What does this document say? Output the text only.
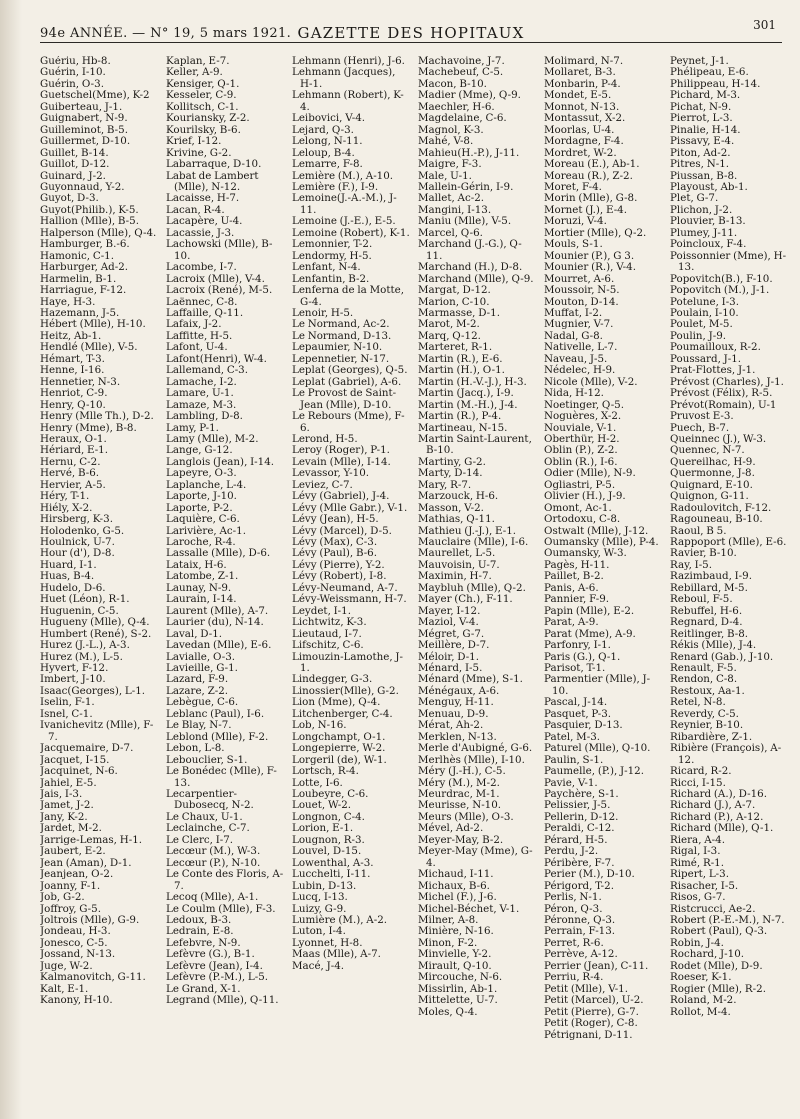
94e ANNÉE. — N° 19, 5 mars 1921. GAZETTE DES HOPITAUX	301
Guériu, Hb-8.
Guérin, I-10.
Guérin, O-3.
Guetschel(Mme), K-2
Guiberteau, J-1.
Guignabert, N-9.
Guilleminot, B-5.
Guillermet, D-10.
Guillet, B-14.
Guillot, D-12.
Guinard, J-2.
Guyonnaud, Y-2.
Guyot, D-3.
Guyot(Philib.), K-5.
Hallion (Mlle), B-5.
Halperson (Mlle), Q-4.
Hamburger, B.-6.
Hamonic, C-1.
Harburger, Ad-2.
Harmelin, B-1.
Harriague, F-12.
Haye, H-3.
Hazemann, J-5.
Hébert (Mlle), H-10.
Heitz, Ab-1.
Hendlé (Mlle), V-5.
Hémart, T-3.
Henne, I-16.
Hennetier, N-3.
Henriot, C-9.
Henry, Q-10.
Henry (Mlle Th.), D-2.
Henry (Mme), B-8.
Heraux, O-1.
Hériard, E-1.
Hernu, C-2.
Hervé, B-6.
Hervier, A-5.
Héry, T-1.
Hiély, X-2.
Hirsberg, K-3.
Holodenko, G-5.
Houlnick, U-7.
Hour (d'), D-8.
Huard, I-1.
Huas, B-4.
Hudelo, D-6.
Huet (Léon), R-1.
Huguenin, C-5.
Hugueny (Mlle), Q-4.
Humbert (René), S-2.
Hurez (J.-L.), A-3.
Hurez (M.), L-5.
Hyvert, F-12.
Imbert, J-10.
Isaac(Georges), L-1.
Iselin, F-1.
Isnel, C-1.
Ivanichevitz (Mlle), F-7.
Jacquemaire, D-7.
Jacquet, I-15.
Jacquinet, N-6.
Jahiel, E-5.
Jais, I-3.
Jamet, J-2.
Jany, K-2.
Jardet, M-2.
Jarrige-Lemas, H-1.
Jaubert, E-2.
Jean (Aman), D-1.
Jeanjean, O-2.
Joanny, F-1.
Job, G-2.
Joffroy, G-5.
Joltrois (Mlle), G-9.
Jondeau, H-3.
Jonesco, C-5.
Jossand, N-13.
Juge, W-2.
Kalmanovitch, G-11.
Kalt, E-1.
Kanony, H-10.
Kaplan, E-7.
Keller, A-9.
Kensiger, Q-1.
Kesseler, C-9.
Kollitsch, C-1.
Kouriansky, Z-2.
Kourilsky, B-6.
Krief, I-12.
Krivine, G-2.
Labarraque, D-10.
Labat de Lambert (Mlle), N-12.
Lacaisse, H-7.
Lacan, R-4.
Lacapère, U-4.
Lacassie, J-3.
Lachowski (Mlle), B-10.
Lacombe, I-7.
Lacroix (Mlle), V-4.
Lacroix (René), M-5.
Laënnec, C-8.
Laffaille, Q-11.
Lafaix, J-2.
Laffitte, H-5.
Lafont, U-4.
Lafont(Henri), W-4.
Lallemand, C-3.
Lamache, I-2.
Lamare, U-1.
Lamaze, M-3.
Lambling, D-8.
Lamy, P-1.
Lamy (Mlle), M-2.
Lange, G-12.
Langlois (Jean), I-14.
Lapeyre, O-3.
Laplanche, L-4.
Laporte, J-10.
Laporte, P-2.
Laquière, C-6.
Larivière, Ac-1.
Laroche, R-4.
Lassalle (Mlle), D-6.
Lataix, H-6.
Latombe, Z-1.
Launay, N-9.
Laurain, I-14.
Laurent (Mlle), A-7.
Laurier (du), N-14.
Laval, D-1.
Lavedan (Mlle), E-6.
Lavialle, O-3.
Lavieille, G-1.
Lazard, F-9.
Lazare, Z-2.
Lebègue, C-6.
Leblanc (Paul), I-6.
Le Blay, N-7.
Leblond (Mlle), F-2.
Lebon, L-8.
Lebouclier, S-1.
Le Bonédec (Mlle), F-13.
Lecarpentier-Dubosecq, N-2.
Le Chaux, U-1.
Leclainche, C-7.
Le Clerc, I-7.
Lecœur (M.), W-3.
Lecœur (P.), N-10.
Le Conte des Floris, A-7.
Lecoq (Mlle), A-1.
Le Coulm (Mlle), F-3.
Ledoux, B-3.
Ledrain, E-8.
Lefebvre, N-9.
Lefèvre (G.), B-1.
Lefèvre (Jean), I-4.
Lefèvre (P.-M.), L-5.
Le Grand, X-1.
Legrand (Mlle), Q-11.
Lehmann (Henri), J-6.
Lehmann (Jacques), H-1.
Lehmann (Robert), K-4.
Leibovici, V-4.
Lejard, Q-3.
Lelong, N-11.
Leloup, B-4.
Lemarre, F-8.
Lemière (M.), A-10.
Lemière (F.), I-9.
Lemoine(J.-A.-M.), J-11.
Lemoine (J.-E.), E-5.
Lemoine (Robert), K-1.
Lemonnier, T-2.
Lendormy, H-5.
Lenfant, N-4.
Lenfantin, B-2.
Lenferna de la Motte, G-4.
Lenoir, H-5.
Le Normand, Ac-2.
Le Normand, D-13.
Lepaumier, N-10.
Lepennetier, N-17.
Leplat (Georges), Q-5.
Leplat (Gabriel), A-6.
Le Provost de Saint-Jean (Mlle), D-10.
Le Rebours (Mme), F-6.
Lerond, H-5.
Leroy (Roger), P-1.
Levain (Mlle), I-14.
Levassor, Y-10.
Leviez, C-7.
Lévy (Gabriel), J-4.
Lévy (Mlle Gabr.), V-1.
Lévy (Jean), H-5.
Lévy (Marcel), D-5.
Lévy (Max), C-3.
Lévy (Paul), B-6.
Lévy (Pierre), Y-2.
Lévy (Robert), I-8.
Lévy-Neumand, A-7.
Lévy-Weissmann, H-7.
Leydet, I-1.
Lichtwitz, K-3.
Lieutaud, I-7.
Lifschitz, C-6.
Limouzin-Lamothe, J-1.
Lindegger, G-3.
Linossier(Mlle), G-2.
Lion (Mme), Q-4.
Litchenberger, C-4.
Lob, N-16.
Longchampt, O-1.
Longepierre, W-2.
Lorgeril (de), W-1.
Lortsch, R-4.
Lotte, I-6.
Loubeyre, C-6.
Louet, W-2.
Longnon, C-4.
Lorion, E-1.
Lougnon, R-3.
Louvel, D-15.
Lowenthal, A-3.
Lucchelti, I-11.
Lubin, D-13.
Lucq, I-13.
Luizy, G-9.
Lumière (M.), A-2.
Luton, I-4.
Lyonnet, H-8.
Maas (Mlle), A-7.
Macé, J-4.
Machavoine, J-7.
Machebeuf, C-5.
Macon, B-10.
Madier (Mme), Q-9.
Maechler, H-6.
Magdelaine, C-6.
Magnol, K-3.
Mahé, V-8.
Mahieu(H.-P.), J-11.
Maigre, F-3.
Male, U-1.
Mallein-Gérin, I-9.
Mallet, Ac-2.
Mangini, I-13.
Maniu (Mlle), V-5.
Marcel, Q-6.
Marchand (J.-G.), Q-11.
Marchand (H.), D-8.
Marchand (Mlle), Q-9.
Margat, D-12.
Marion, C-10.
Marmasse, D-1.
Marot, M-2.
Marq, Q-12.
Marteret, R-1.
Martin (R.), E-6.
Martin (H.), O-1.
Martin (H.-V.-J.), H-3.
Martin (Jacq.), I-9.
Martin (M.-H.), J-4.
Martin (R.), P-4.
Martineau, N-15.
Martin Saint-Laurent, B-10.
Martiny, G-2.
Marty, D-14.
Mary, R-7.
Marzouck, H-6.
Masson, V-2.
Mathias, Q-11.
Mathieu (J.-J.), E-1.
Mauclaire (Mlle), I-6.
Maurellet, L-5.
Mauvoisin, U-7.
Maximin, H-7.
Maybluh (Mlle), Q-2.
Mayer (Ch.), F-11.
Mayer, I-12.
Maziol, V-4.
Mégret, G-7.
Meillère, D-7.
Méloir, D-1.
Ménard, I-5.
Ménard (Mme), S-1.
Ménégaux, A-6.
Menguy, H-11.
Menuau, D-9.
Mérat, Ah-2.
Merklen, N-13.
Merle d'Aubigné, G-6.
Merlhès (Mlle), I-10.
Méry (J.-H.), C-5.
Méry (M.), M-2.
Meurdrac, M-1.
Meurisse, N-10.
Meurs (Mlle), O-3.
Mével, Ad-2.
Meyer-May, B-2.
Meyer-May (Mme), G-4.
Michaud, I-11.
Michaux, B-6.
Michel (F.), J-6.
Michel-Béchet, V-1.
Milner, A-8.
Minière, N-16.
Minon, F-2.
Minvielle, Y-2.
Mirault, Q-10.
Mircouche, N-6.
Missirlin, Ab-1.
Mittelette, U-7.
Moles, Q-4.
Molimard, N-7.
Mollaret, B-3.
Monbarin, P-4.
Mondet, E-5.
Monnot, N-13.
Montassut, X-2.
Moorlas, U-4.
Mordagne, F-4.
Mordret, W-2.
Moreau (E.), Ab-1.
Moreau (R.), Z-2.
Moret, F-4.
Morin (Mlle), G-8.
Mornet (J.), E-4.
Moruzi, V-4.
Mortier (Mlle), Q-2.
Mouls, S-1.
Mounier (P.), G 3.
Mounier (R.), V-4.
Mourret, A-6.
Moussoir, N-5.
Mouton, D-14.
Muffat, I-2.
Mugnier, V-7.
Nadal, G-8.
Nativelle, L-7.
Naveau, J-5.
Nédelec, H-9.
Nicole (Mlle), V-2.
Nida, H-12.
Noetinger, Q-5.
Noguères, X-2.
Nouviale, V-1.
Oberthür, H-2.
Oblin (P.), Z-2.
Oblin (R.), I-6.
Odier (Mlle), N-9.
Ogliastri, P-5.
Olivier (H.), J-9.
Omont, Ac-1.
Ortodoxu, C-8.
Ostwalt (Mlle), J-12.
Oumansky (Mlle), P-4.
Oumansky, W-3.
Pagès, H-11.
Paillet, B-2.
Panis, A-6.
Pannier, F-9.
Papin (Mlle), E-2.
Parat, A-9.
Parat (Mme), A-9.
Parfonry, I-1.
Paris (G.), Q-1.
Parisot, T-1.
Parmentier (Mlle), J-10.
Pascal, J-14.
Pasquet, P-3.
Pasquier, D-13.
Patel, M-3.
Paturel (Mlle), Q-10.
Paulin, S-1.
Paumelle, (P.), J-12.
Pavie, V-1.
Paychère, S-1.
Pelissier, J-5.
Pellerin, D-12.
Peraldi, C-12.
Pérard, H-5.
Perdu, J-2.
Péribère, F-7.
Perier (M.), D-10.
Périgord, T-2.
Perlis, N-1.
Péron, Q-3.
Péronne, Q-3.
Perrain, F-13.
Perret, R-6.
Perrève, A-12.
Perrier (Jean), C-11.
Perriu, R-4.
Petit (Mlle), V-1.
Petit (Marcel), U-2.
Petit (Pierre), G-7.
Petit (Roger), C-8.
Pétrignani, D-11.
Peynet, J-1.
Phélipeau, E-6.
Philippeau, H-14.
Pichard, M-3.
Pichat, N-9.
Pierrot, L-3.
Pinalie, H-14.
Pissavy, E-4.
Piton, Ad-2.
Pitres, N-1.
Piussan, B-8.
Playoust, Ab-1.
Plet, G-7.
Plichon, J-2.
Plouvier, B-13.
Plumey, J-11.
Poincloux, F-4.
Poissonnier (Mme), H-13.
Popovitch(B.), F-10.
Popovitch (M.), J-1.
Potelune, I-3.
Poulain, I-10.
Poulet, M-5.
Poulin, J-9.
Poumailloux, R-2.
Poussard, J-1.
Prat-Flottes, J-1.
Prévost (Charles), J-1.
Prévost (Félix), R-5.
Prévot(Romain), U-1
Pruvost E-3.
Puech, B-7.
Queinnec (J.), W-3.
Quennec, N-7.
Quereilhac, H-9.
Quermonne, J-8.
Quignard, E-10.
Quignon, G-11.
Radoulovitch, F-12.
Ragouneau, B-10.
Raoul, B 5.
Rappoport (Mlle), E-6.
Ravier, B-10.
Ray, I-5.
Razimbaud, I-9.
Rebillard, M-5.
Reboul, F-5.
Rebuffel, H-6.
Regnard, D-4.
Reitlinger, B-8.
Rékis (Mlle), J-4.
Renard (Gab.), J-10.
Renault, F-5.
Rendon, C-8.
Restoux, Aa-1.
Retel, N-8.
Reverdy, C-5.
Reynier, B-10.
Ribardière, Z-1.
Ribière (François), A-12.
Ricard, R-2.
Ricci, I-15.
Richard (A.), D-16.
Richard (J.), A-7.
Richard (P.), A-12.
Richard (Mlle), Q-1.
Riera, A-4.
Rigal, I-3.
Rimé, R-1.
Ripert, L-3.
Risacher, I-5.
Risos, G-7.
Ristcrucci, Ae-2.
Robert (P.-E.-M.), N-7.
Robert (Paul), Q-3.
Robin, J-4.
Rochard, J-10.
Rodet (Mlle), D-9.
Roeser, K-1.
Rogier (Mlle), R-2.
Roland, M-2.
Rollot, M-4.
